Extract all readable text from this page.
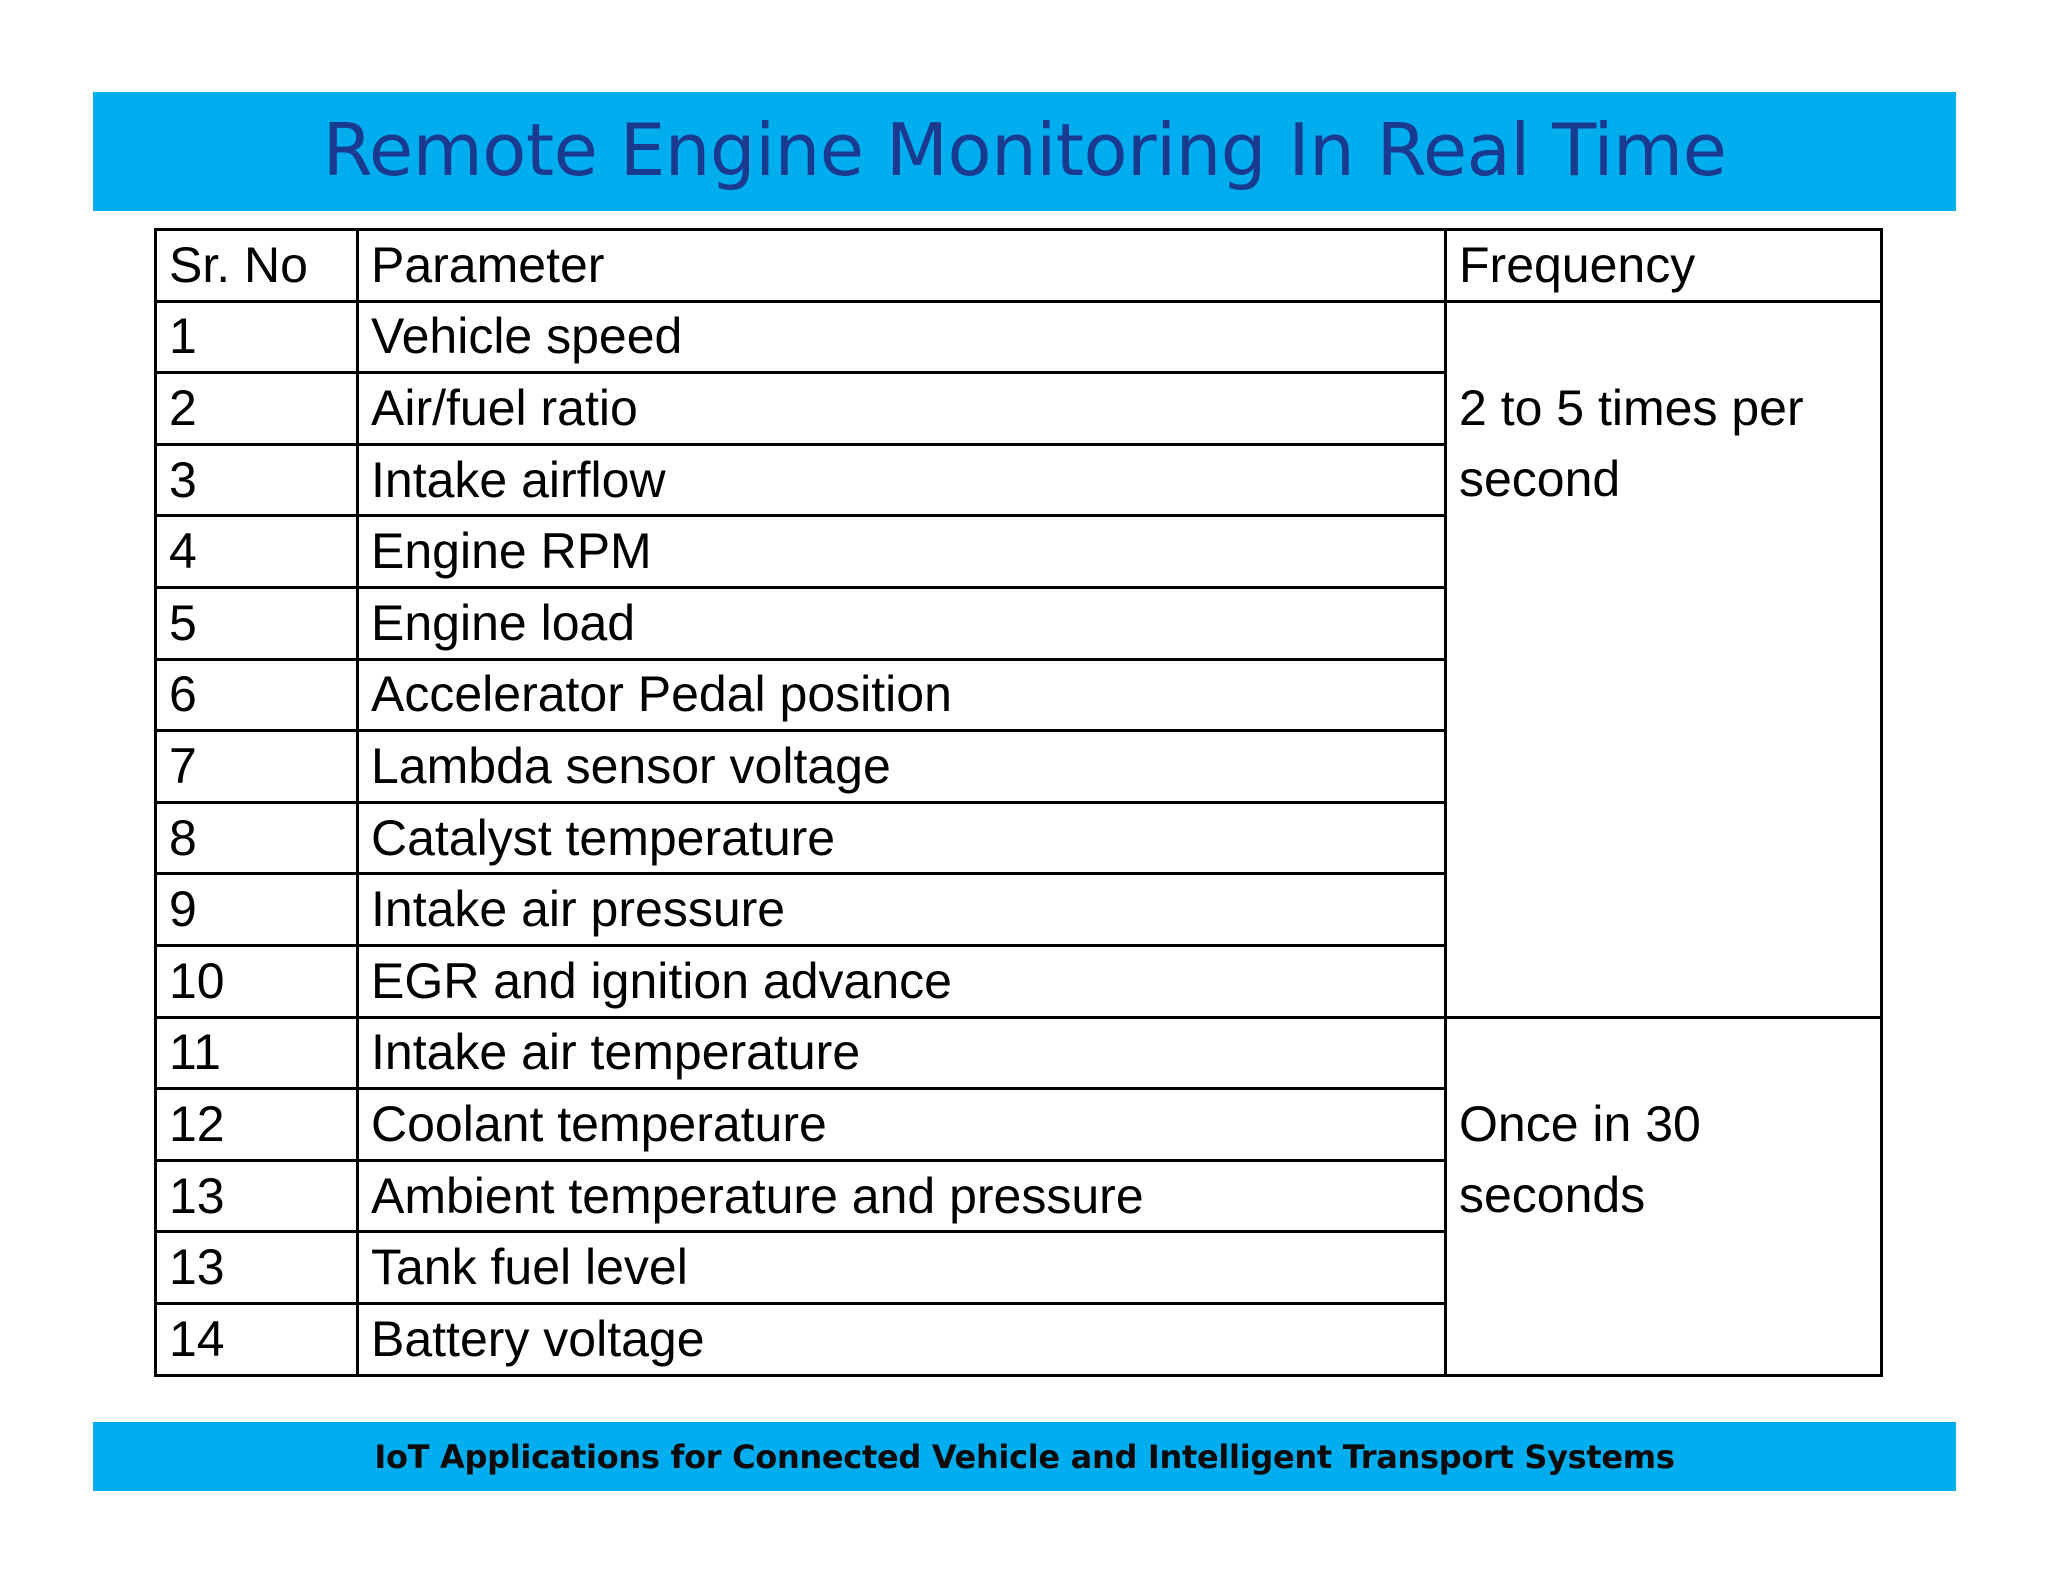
Remote Engine Monitoring In Real Time
Sr. No	Parameter	Frequency
1	Vehicle speed	2 to 5 times per second

2	Air/fuel ratio	
3	Intake airflow	
4	Engine RPM	
5	Engine load	
6	Accelerator Pedal position	
7	Lambda sensor voltage	
8	Catalyst temperature	
9	Intake air pressure	
10	EGR and ignition advance	
11	Intake air temperature	Once in 30 seconds

12	Coolant temperature	
13	Ambient temperature and pressure	
13	Tank fuel level	
14	Battery voltage	
IoT Applications for Connected Vehicle and Intelligent Transport Systems
